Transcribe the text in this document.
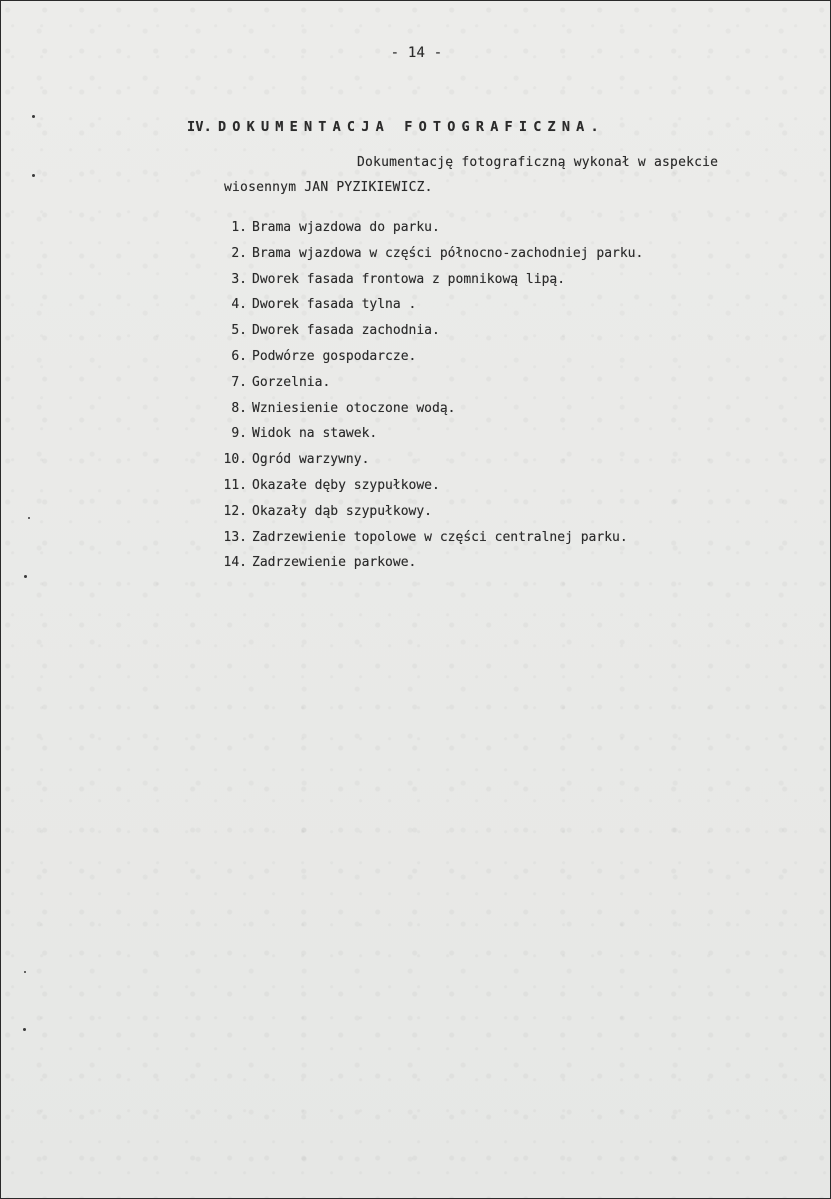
- 14 -
IV. DOKUMENTACJA FOTOGRAFICZNA.
Dokumentację fotograficzną wykonał w aspekcie
wiosennym JAN PYZIKIEWICZ.
1. Brama wjazdowa do parku.
2. Brama wjazdowa w części północno-zachodniej parku.
3. Dworek fasada frontowa z pomnikową lipą.
4. Dworek fasada tylna .
5. Dworek fasada zachodnia.
6. Podwórze gospodarcze.
7. Gorzelnia.
8. Wzniesienie otoczone wodą.
9. Widok na stawek.
10. Ogród warzywny.
11. Okazałe dęby szypułkowe.
12. Okazały dąb szypułkowy.
13. Zadrzewienie topolowe w części centralnej parku.
14. Zadrzewienie parkowe.
